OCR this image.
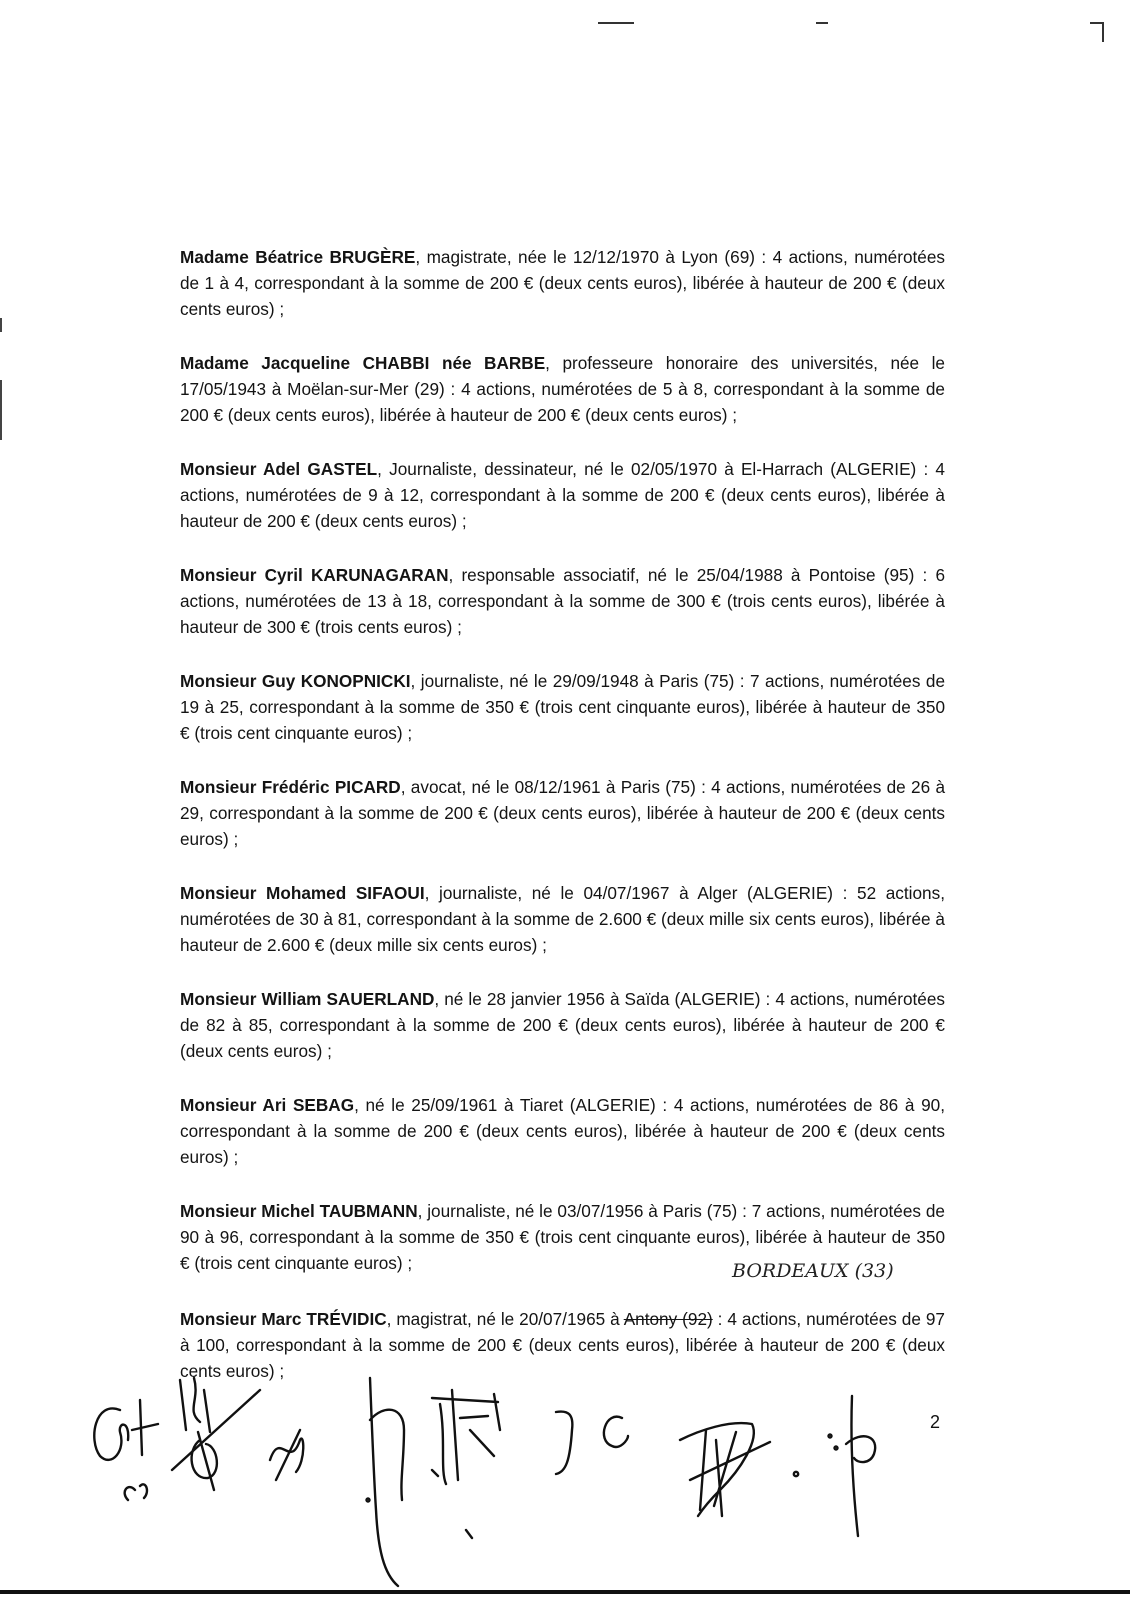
Madame Béatrice BRUGÈRE, magistrate, née le 12/12/1970 à Lyon (69) : 4 actions, numérotées de 1 à 4, correspondant à la somme de 200 € (deux cents euros), libérée à hauteur de 200 € (deux cents euros) ;

Madame Jacqueline CHABBI née BARBE, professeure honoraire des universités, née le 17/05/1943 à Moëlan-sur-Mer (29) : 4 actions, numérotées de 5 à 8, correspondant à la somme de 200 € (deux cents euros), libérée à hauteur de 200 € (deux cents euros) ;

Monsieur Adel GASTEL, Journaliste, dessinateur, né le 02/05/1970 à El-Harrach (ALGERIE) : 4 actions, numérotées de 9 à 12, correspondant à la somme de 200 € (deux cents euros), libérée à hauteur de 200 € (deux cents euros) ;

Monsieur Cyril KARUNAGARAN, responsable associatif, né le 25/04/1988 à Pontoise (95) : 6 actions, numérotées de 13 à 18, correspondant à la somme de 300 € (trois cents euros), libérée à hauteur de 300 € (trois cents euros) ;

Monsieur Guy KONOPNICKI, journaliste, né le 29/09/1948 à Paris (75) : 7 actions, numérotées de 19 à 25, correspondant à la somme de 350 € (trois cent cinquante euros), libérée à hauteur de 350 € (trois cent cinquante euros) ;

Monsieur Frédéric PICARD, avocat, né le 08/12/1961 à Paris (75) : 4 actions, numérotées de 26 à 29, correspondant à la somme de 200 € (deux cents euros), libérée à hauteur de 200 € (deux cents euros) ;

Monsieur Mohamed SIFAOUI, journaliste, né le 04/07/1967 à Alger (ALGERIE) : 52 actions, numérotées de 30 à 81, correspondant à la somme de 2.600 € (deux mille six cents euros), libérée à hauteur de 2.600 € (deux mille six cents euros) ;

Monsieur William SAUERLAND, né le 28 janvier 1956 à Saïda (ALGERIE) : 4 actions, numérotées de 82 à 85, correspondant à la somme de 200 € (deux cents euros), libérée à hauteur de 200 € (deux cents euros) ;

Monsieur Ari SEBAG, né le 25/09/1961 à Tiaret (ALGERIE) : 4 actions, numérotées de 86 à 90, correspondant à la somme de 200 € (deux cents euros), libérée à hauteur de 200 € (deux cents euros) ;

Monsieur Michel TAUBMANN, journaliste, né le 03/07/1956 à Paris (75) : 7 actions, numérotées de 90 à 96, correspondant à la somme de 350 € (trois cent cinquante euros), libérée à hauteur de 350 € (trois cent cinquante euros) ;

Monsieur Marc TRÉVIDIC, magistrat, né le 20/07/1965 à Antony (92) : 4 actions, numérotées de 97 à 100, correspondant à la somme de 200 € (deux cents euros), libérée à hauteur de 200 € (deux cents euros) ;

BORDEAUX (33)
2
